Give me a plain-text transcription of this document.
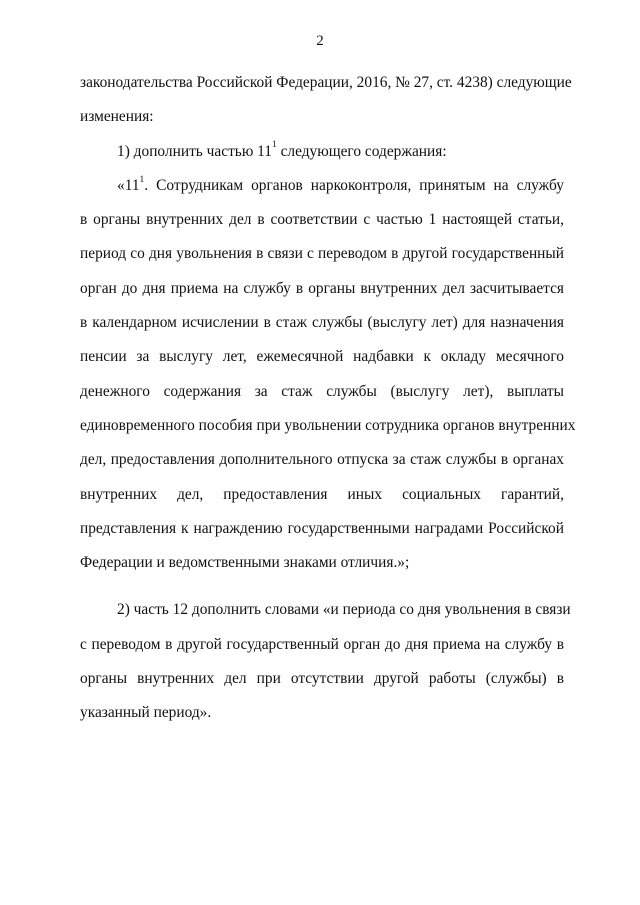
2
законодательства Российской Федерации, 2016, № 27, ст. 4238) следующие
изменения:
1) дополнить частью $11^1$ следующего содержания:
«$11^1$. Сотрудникам органов наркоконтроля, принятым на службу
в органы внутренних дел в соответствии с частью 1 настоящей статьи,
период со дня увольнения в связи с переводом в другой государственный
орган до дня приема на службу в органы внутренних дел засчитывается
в календарном исчислении в стаж службы (выслугу лет) для назначения
пенсии за выслугу лет, ежемесячной надбавки к окладу месячного
денежного содержания за стаж службы (выслугу лет), выплаты
единовременного пособия при увольнении сотрудника органов внутренних
дел, предоставления дополнительного отпуска за стаж службы в органах
внутренних дел, предоставления иных социальных гарантий,
представления к награждению государственными наградами Российской
Федерации и ведомственными знаками отличия.»;
2) часть 12 дополнить словами «и периода со дня увольнения в связи
с переводом в другой государственный орган до дня приема на службу в
органы внутренних дел при отсутствии другой работы (службы) в
указанный период».
